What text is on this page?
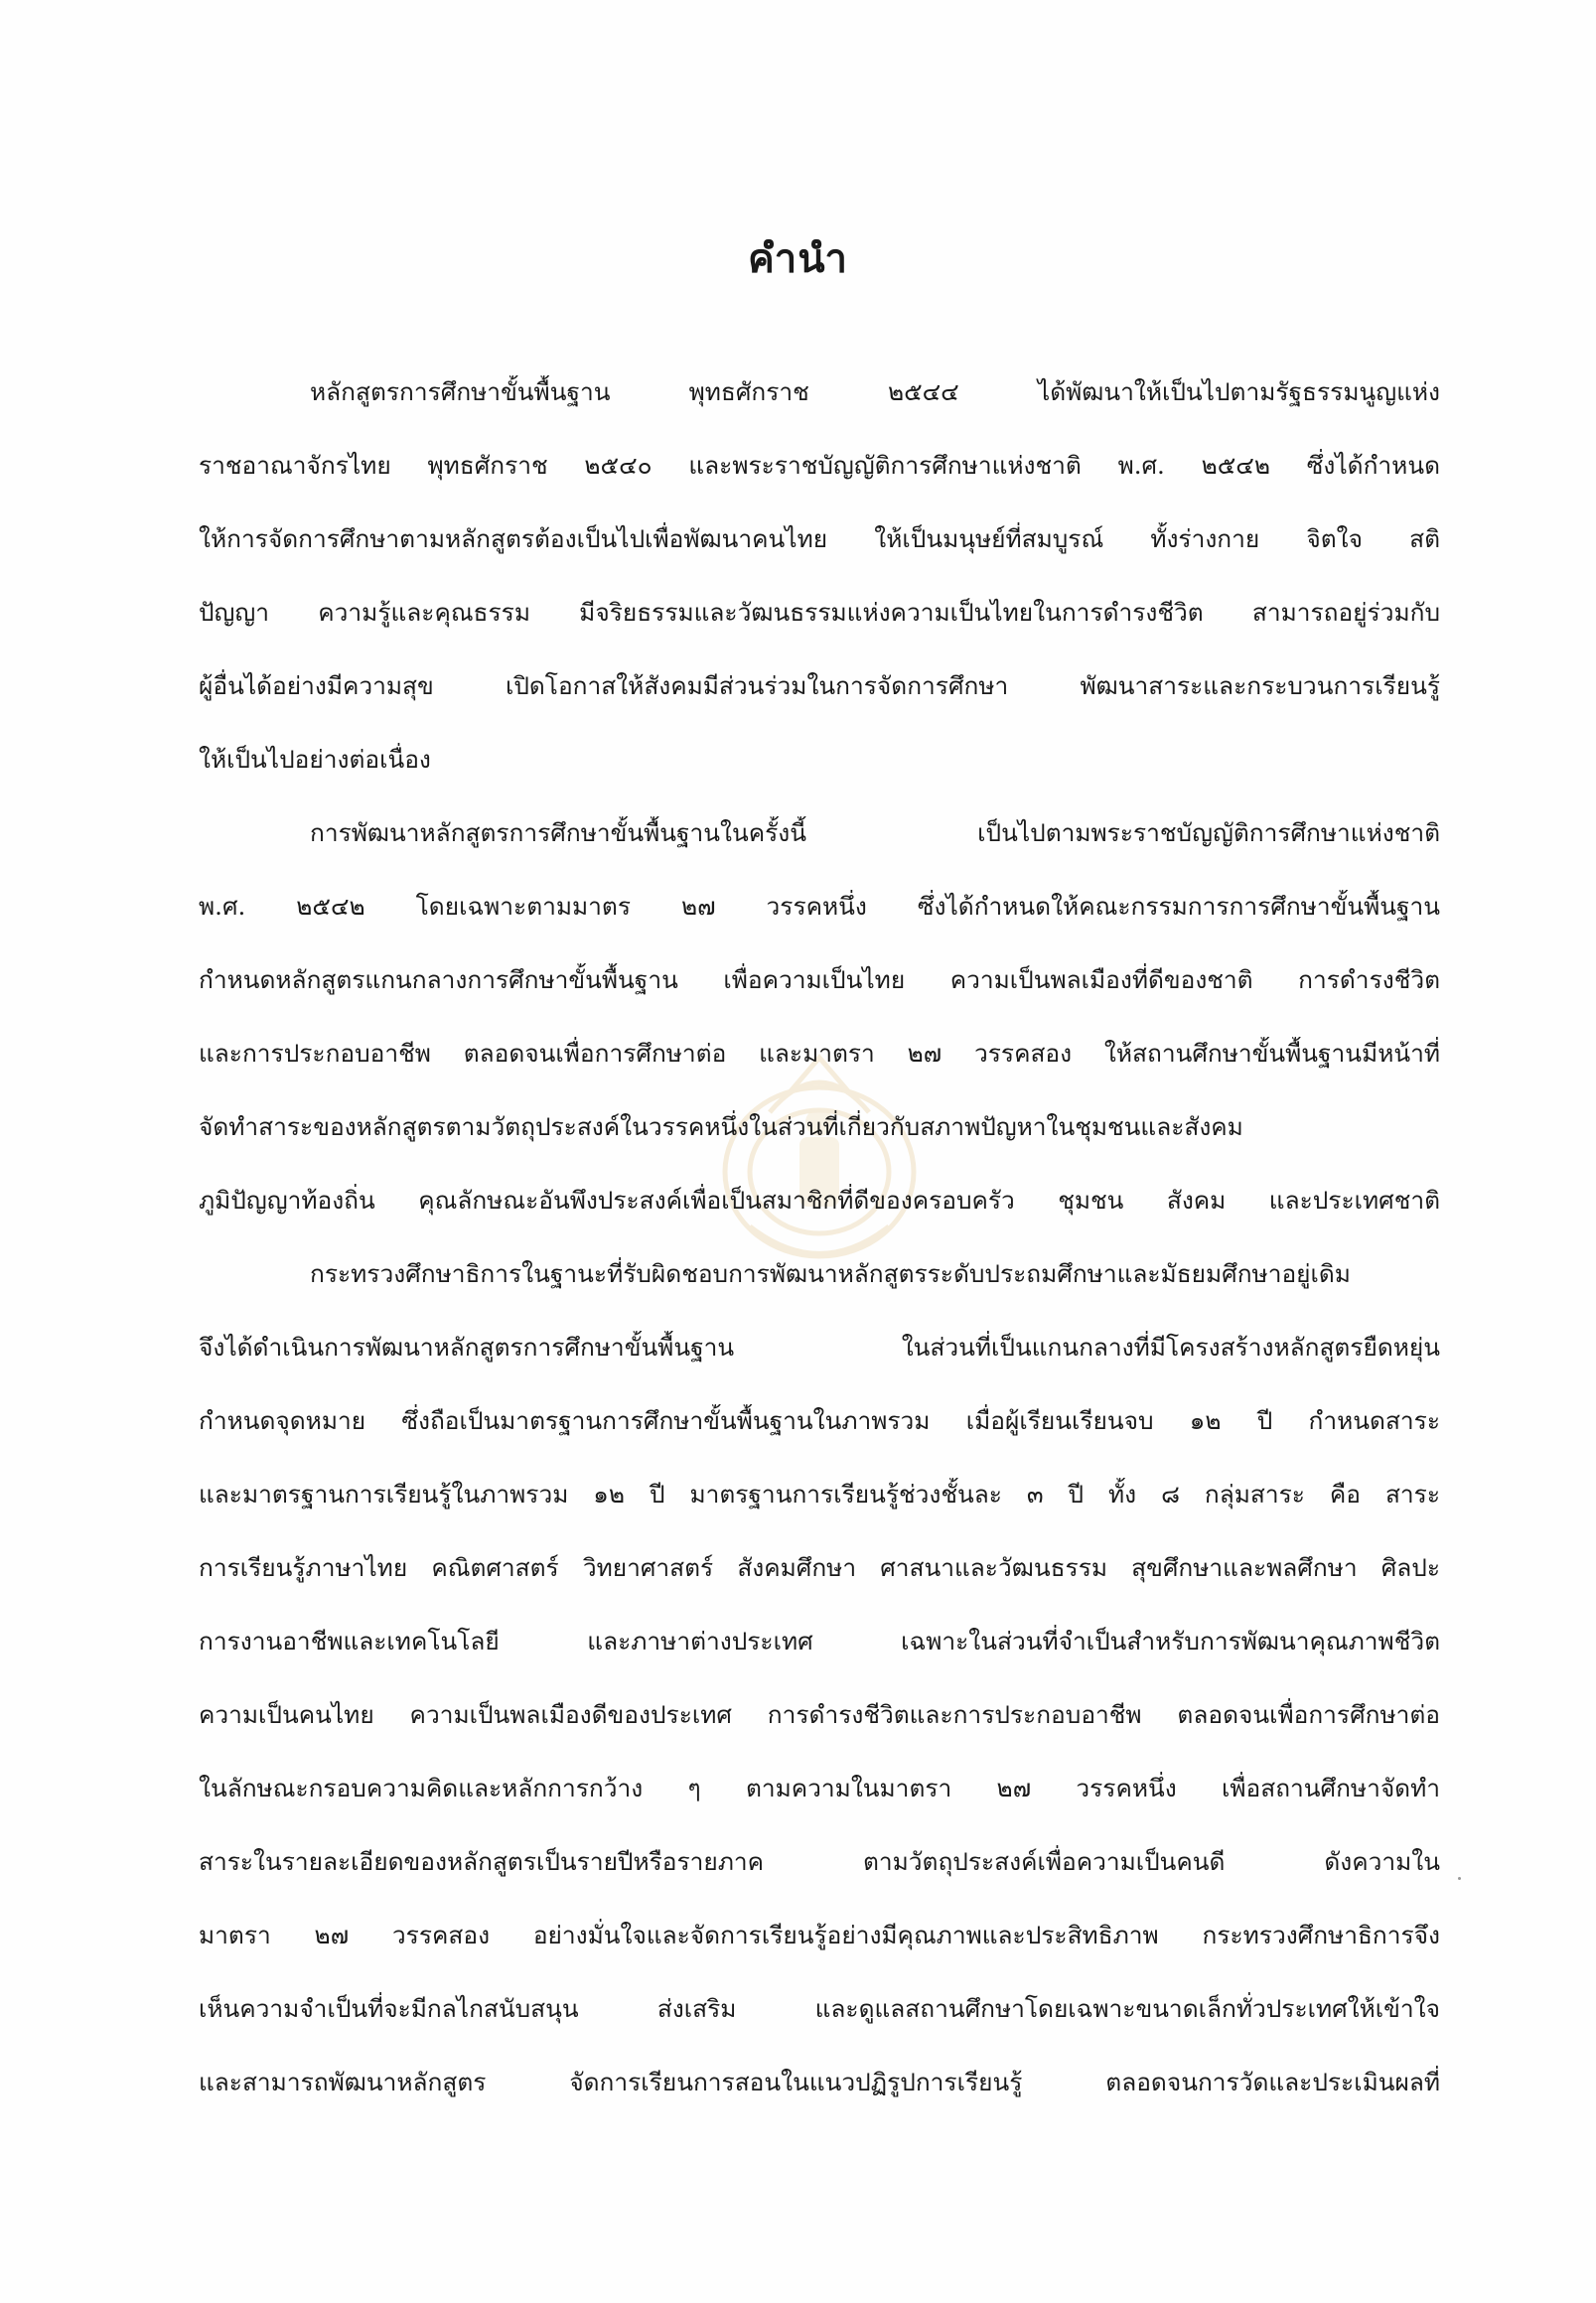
คำนำ
หลักสูตรการศึกษาขั้นพื้นฐาน พุทธศักราช ๒๕๔๔ ได้พัฒนาให้เป็นไปตามรัฐธรรมนูญแห่ง
ราชอาณาจักรไทย พุทธศักราช ๒๕๔๐ และพระราชบัญญัติการศึกษาแห่งชาติ พ.ศ. ๒๕๔๒ ซึ่งได้กำหนด
ให้การจัดการศึกษาตามหลักสูตรต้องเป็นไปเพื่อพัฒนาคนไทย ให้เป็นมนุษย์ที่สมบูรณ์ ทั้งร่างกาย จิตใจ สติ
ปัญญา ความรู้และคุณธรรม มีจริยธรรมและวัฒนธรรมแห่งความเป็นไทยในการดำรงชีวิต สามารถอยู่ร่วมกับ
ผู้อื่นได้อย่างมีความสุข เปิดโอกาสให้สังคมมีส่วนร่วมในการจัดการศึกษา พัฒนาสาระและกระบวนการเรียนรู้
ให้เป็นไปอย่างต่อเนื่อง
การพัฒนาหลักสูตรการศึกษาขั้นพื้นฐานในครั้งนี้ เป็นไปตามพระราชบัญญัติการศึกษาแห่งชาติ
พ.ศ. ๒๕๔๒ โดยเฉพาะตามมาตร ๒๗ วรรคหนึ่ง ซึ่งได้กำหนดให้คณะกรรมการการศึกษาขั้นพื้นฐาน
กำหนดหลักสูตรแกนกลางการศึกษาขั้นพื้นฐาน เพื่อความเป็นไทย ความเป็นพลเมืองที่ดีของชาติ การดำรงชีวิต
และการประกอบอาชีพ ตลอดจนเพื่อการศึกษาต่อ และมาตรา ๒๗ วรรคสอง ให้สถานศึกษาขั้นพื้นฐานมีหน้าที่
จัดทำสาระของหลักสูตรตามวัตถุประสงค์ในวรรคหนึ่งในส่วนที่เกี่ยวกับสภาพปัญหาในชุมชนและสังคม
ภูมิปัญญาท้องถิ่น คุณลักษณะอันพึงประสงค์เพื่อเป็นสมาชิกที่ดีของครอบครัว ชุมชน สังคม และประเทศชาติ
กระทรวงศึกษาธิการในฐานะที่รับผิดชอบการพัฒนาหลักสูตรระดับประถมศึกษาและมัธยมศึกษาอยู่เดิม
จึงได้ดำเนินการพัฒนาหลักสูตรการศึกษาขั้นพื้นฐาน ในส่วนที่เป็นแกนกลางที่มีโครงสร้างหลักสูตรยืดหยุ่น
กำหนดจุดหมาย ซึ่งถือเป็นมาตรฐานการศึกษาขั้นพื้นฐานในภาพรวม เมื่อผู้เรียนเรียนจบ ๑๒ ปี กำหนดสาระ
และมาตรฐานการเรียนรู้ในภาพรวม ๑๒ ปี มาตรฐานการเรียนรู้ช่วงชั้นละ ๓ ปี ทั้ง ๘ กลุ่มสาระ คือ สาระ
การเรียนรู้ภาษาไทย คณิตศาสตร์ วิทยาศาสตร์ สังคมศึกษา ศาสนาและวัฒนธรรม สุขศึกษาและพลศึกษา ศิลปะ
การงานอาชีพและเทคโนโลยี และภาษาต่างประเทศ เฉพาะในส่วนที่จำเป็นสำหรับการพัฒนาคุณภาพชีวิต
ความเป็นคนไทย ความเป็นพลเมืองดีของประเทศ การดำรงชีวิตและการประกอบอาชีพ ตลอดจนเพื่อการศึกษาต่อ
ในลักษณะกรอบความคิดและหลักการกว้าง ๆ ตามความในมาตรา ๒๗ วรรคหนึ่ง เพื่อสถานศึกษาจัดทำ
สาระในรายละเอียดของหลักสูตรเป็นรายปีหรือรายภาค ตามวัตถุประสงค์เพื่อความเป็นคนดี ดังความใน
มาตรา ๒๗ วรรคสอง อย่างมั่นใจและจัดการเรียนรู้อย่างมีคุณภาพและประสิทธิภาพ กระทรวงศึกษาธิการจึง
เห็นความจำเป็นที่จะมีกลไกสนับสนุน ส่งเสริม และดูแลสถานศึกษาโดยเฉพาะขนาดเล็กทั่วประเทศให้เข้าใจ
และสามารถพัฒนาหลักสูตร จัดการเรียนการสอนในแนวปฏิรูปการเรียนรู้ ตลอดจนการวัดและประเมินผลที่
